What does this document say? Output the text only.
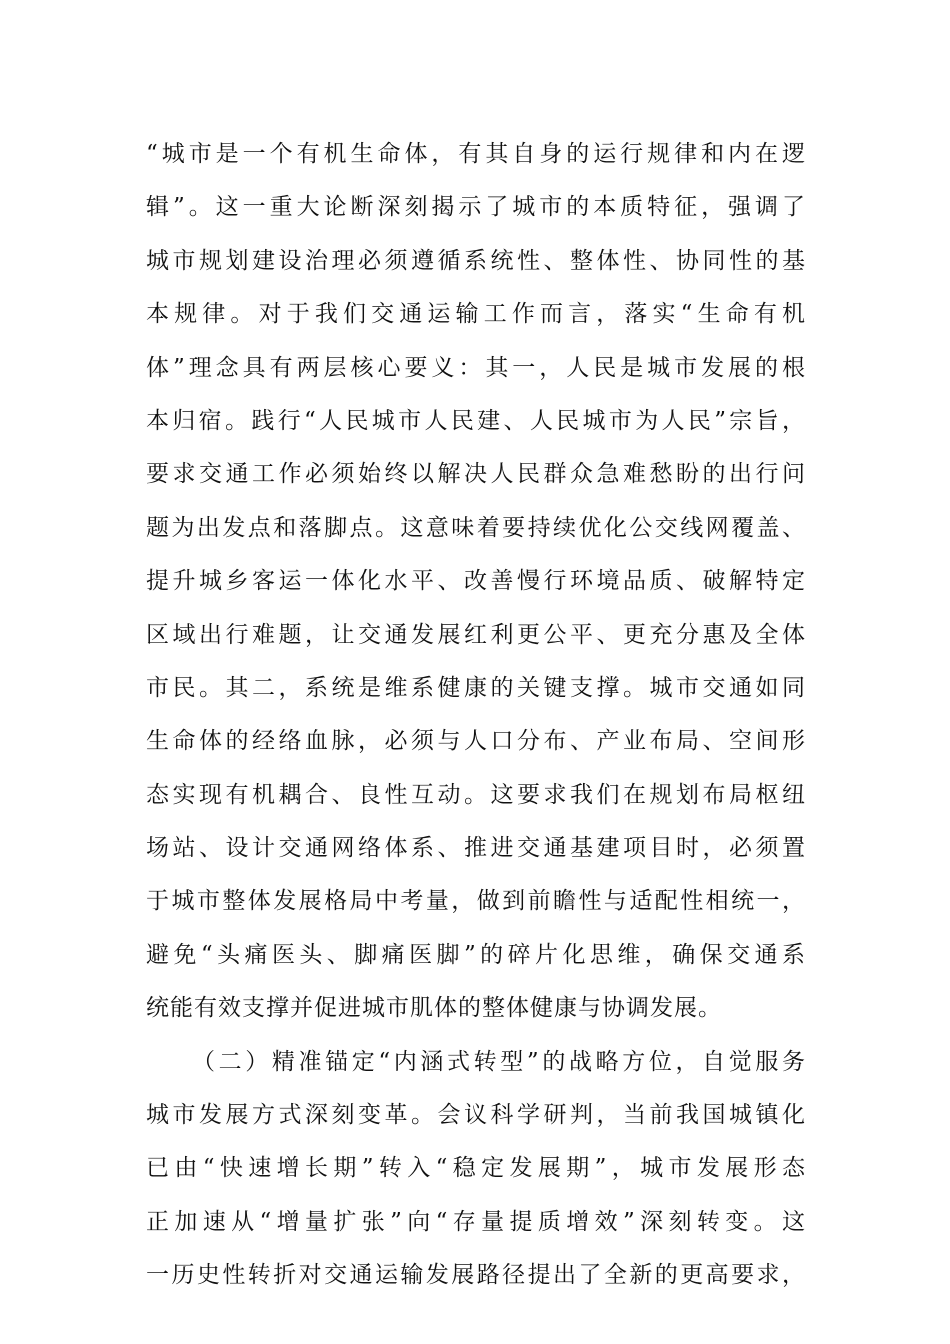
“城市是一个有机生命体，有其自身的运行规律和内在逻
辑”。这一重大论断深刻揭示了城市的本质特征，强调了
城市规划建设治理必须遵循系统性、整体性、协同性的基
本规律。对于我们交通运输工作而言，落实“生命有机
体”理念具有两层核心要义：其一，人民是城市发展的根
本归宿。践行“人民城市人民建、人民城市为人民”宗旨，
要求交通工作必须始终以解决人民群众急难愁盼的出行问
题为出发点和落脚点。这意味着要持续优化公交线网覆盖、
提升城乡客运一体化水平、改善慢行环境品质、破解特定
区域出行难题，让交通发展红利更公平、更充分惠及全体
市民。其二，系统是维系健康的关键支撑。城市交通如同
生命体的经络血脉，必须与人口分布、产业布局、空间形
态实现有机耦合、良性互动。这要求我们在规划布局枢纽
场站、设计交通网络体系、推进交通基建项目时，必须置
于城市整体发展格局中考量，做到前瞻性与适配性相统一，
避免“头痛医头、脚痛医脚”的碎片化思维，确保交通系
统能有效支撑并促进城市肌体的整体健康与协调发展。
（二）精准锚定“内涵式转型”的战略方位，自觉服务
城市发展方式深刻变革。会议科学研判，当前我国城镇化
已由“快速增长期”转入“稳定发展期”，城市发展形态
正加速从“增量扩张”向“存量提质增效”深刻转变。这
一历史性转折对交通运输发展路径提出了全新的更高要求，
